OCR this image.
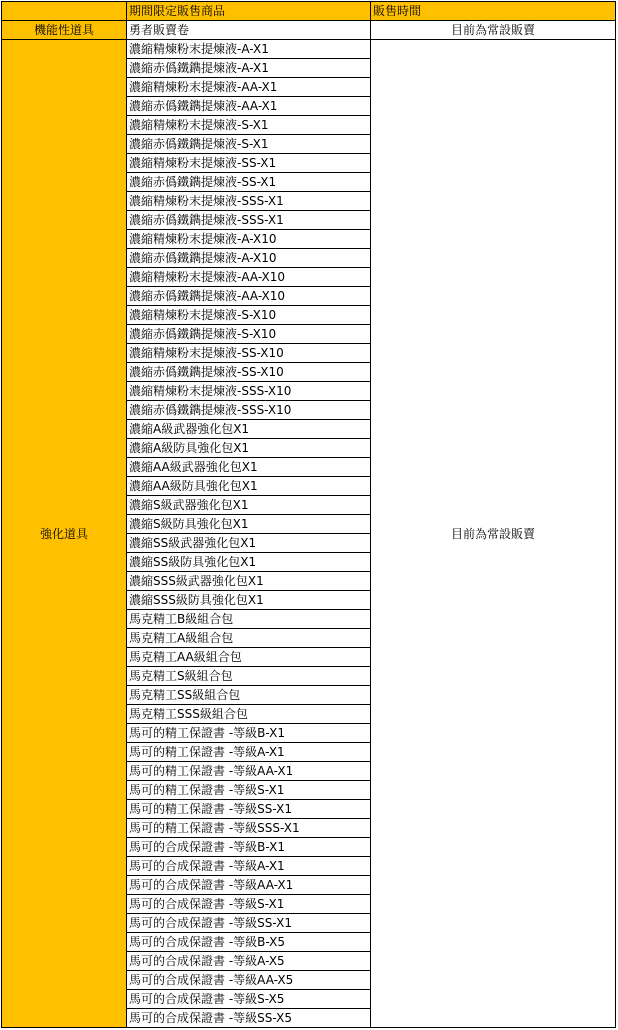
	期間限定販售商品	販售時間
機能性道具	勇者販賣卷	目前為常設販賣
強化道具	濃縮精煉粉末提煉液-A-X1	目前為常設販賣
	濃縮赤僞鐵鐫提煉液-A-X1	
	濃縮精煉粉末提煉液-AA-X1	
	濃縮赤僞鐵鐫提煉液-AA-X1	
	濃縮精煉粉末提煉液-S-X1	
	濃縮赤僞鐵鐫提煉液-S-X1	
	濃縮精煉粉末提煉液-SS-X1	
	濃縮赤僞鐵鐫提煉液-SS-X1	
	濃縮精煉粉末提煉液-SSS-X1	
	濃縮赤僞鐵鐫提煉液-SSS-X1	
	濃縮精煉粉末提煉液-A-X10	
	濃縮赤僞鐵鐫提煉液-A-X10	
	濃縮精煉粉末提煉液-AA-X10	
	濃縮赤僞鐵鐫提煉液-AA-X10	
	濃縮精煉粉末提煉液-S-X10	
	濃縮赤僞鐵鐫提煉液-S-X10	
	濃縮精煉粉末提煉液-SS-X10	
	濃縮赤僞鐵鐫提煉液-SS-X10	
	濃縮精煉粉末提煉液-SSS-X10	
	濃縮赤僞鐵鐫提煉液-SSS-X10	
	濃縮A級武器強化包X1	
	濃縮A級防具強化包X1	
	濃縮AA級武器強化包X1	
	濃縮AA級防具強化包X1	
	濃縮S級武器強化包X1	
	濃縮S級防具強化包X1	
	濃縮SS級武器強化包X1	
	濃縮SS級防具強化包X1	
	濃縮SSS級武器強化包X1	
	濃縮SSS級防具強化包X1	
	馬克精工B級組合包	
	馬克精工A級組合包	
	馬克精工AA級組合包	
	馬克精工S級組合包	
	馬克精工SS級組合包	
	馬克精工SSS級組合包	
	馬可的精工保證書 -等級B-X1	
	馬可的精工保證書 -等級A-X1	
	馬可的精工保證書 -等級AA-X1	
	馬可的精工保證書 -等級S-X1	
	馬可的精工保證書 -等級SS-X1	
	馬可的精工保證書 -等級SSS-X1	
	馬可的合成保證書 -等級B-X1	
	馬可的合成保證書 -等級A-X1	
	馬可的合成保證書 -等級AA-X1	
	馬可的合成保證書 -等級S-X1	
	馬可的合成保證書 -等級SS-X1	
	馬可的合成保證書 -等級B-X5	
	馬可的合成保證書 -等級A-X5	
	馬可的合成保證書 -等級AA-X5	
	馬可的合成保證書 -等級S-X5	
	馬可的合成保證書 -等級SS-X5	
